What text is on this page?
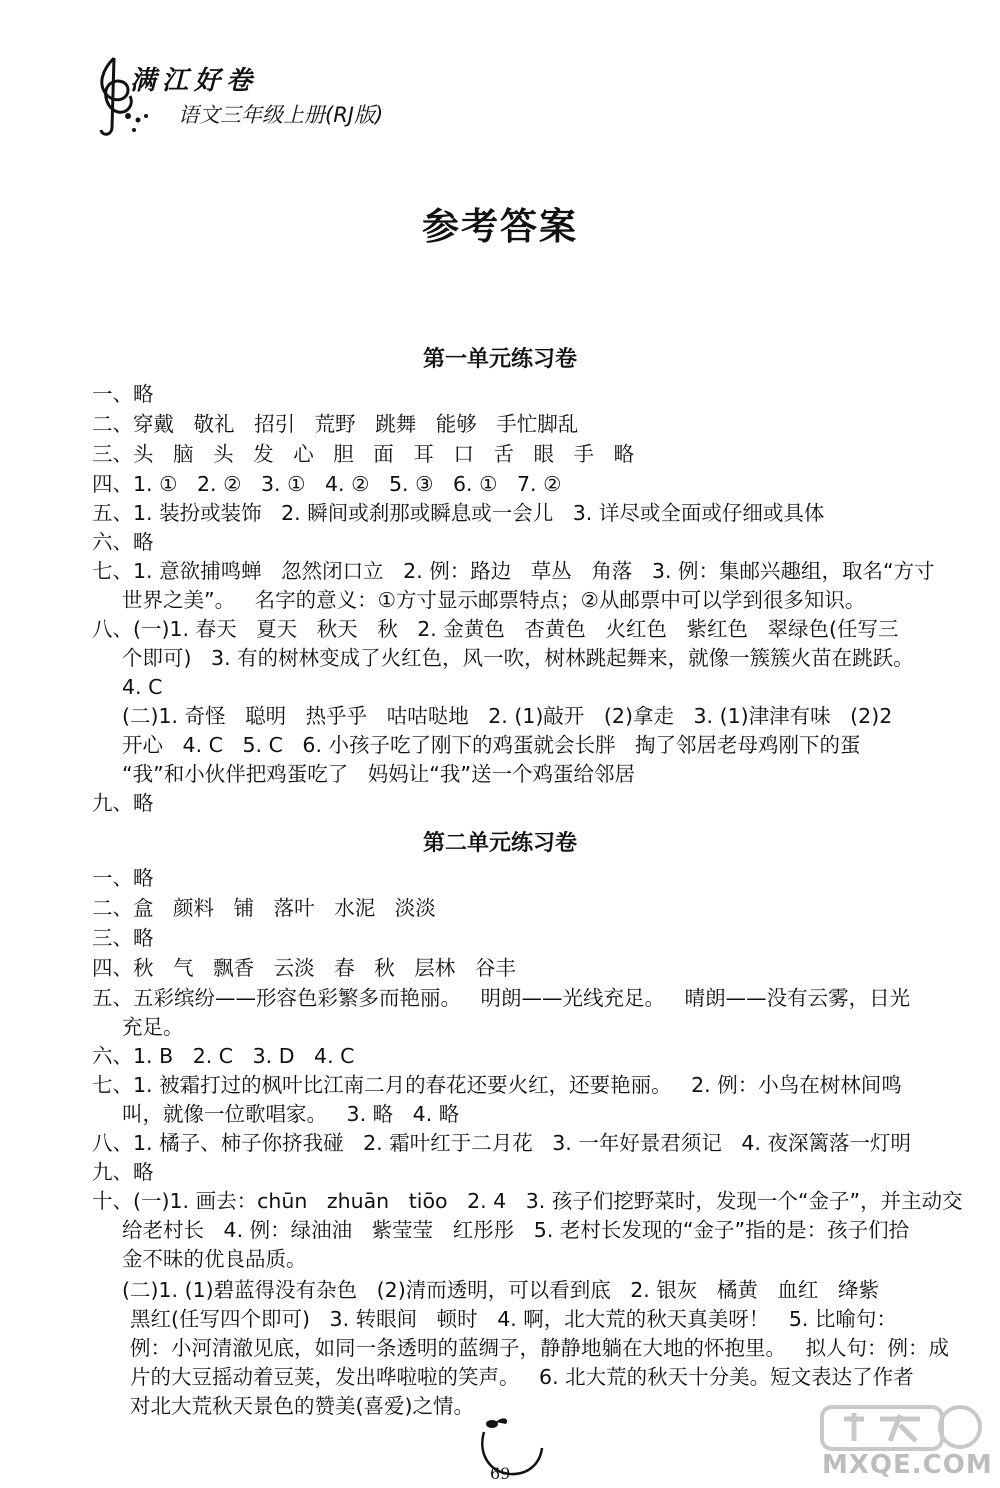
满江好卷
语文三年级上册(RJ版)
参考答案
第一单元练习卷
一、略
二、穿戴   敬礼   招引   荒野   跳舞   能够   手忙脚乱
三、头   脑   头   发   心   胆   面   耳   口   舌   眼   手   略
四、1. ①   2. ②   3. ①   4. ②   5. ③   6. ①   7. ②
五、1. 装扮或装饰   2. 瞬间或刹那或瞬息或一会儿   3. 详尽或全面或仔细或具体
六、略
七、1. 意欲捕鸣蝉   忽然闭口立   2. 例：路边   草丛   角落   3. 例：集邮兴趣组，取名“方寸
世界之美”。   名字的意义：①方寸显示邮票特点；②从邮票中可以学到很多知识。
八、(一)1. 春天   夏天   秋天   秋   2. 金黄色   杏黄色   火红色   紫红色   翠绿色(任写三
个即可)   3. 有的树林变成了火红色，风一吹，树林跳起舞来，就像一簇簇火苗在跳跃。
4. C
(二)1. 奇怪   聪明   热乎乎   咕咕哒地   2. (1)敲开   (2)拿走   3. (1)津津有味   (2)2
开心   4. C   5. C   6. 小孩子吃了刚下的鸡蛋就会长胖   掏了邻居老母鸡刚下的蛋
“我”和小伙伴把鸡蛋吃了   妈妈让“我”送一个鸡蛋给邻居
九、略
第二单元练习卷
一、略
二、盒   颜料   铺   落叶   水泥   淡淡
三、略
四、秋   气   飘香   云淡   春   秋   层林   谷丰
五、五彩缤纷——形容色彩繁多而艳丽。   明朗——光线充足。   晴朗——没有云雾，日光
充足。
六、1. B   2. C   3. D   4. C
七、1. 被霜打过的枫叶比江南二月的春花还要火红，还要艳丽。   2. 例：小鸟在树林间鸣
叫，就像一位歌唱家。   3. 略   4. 略
八、1. 橘子、柿子你挤我碰   2. 霜叶红于二月花   3. 一年好景君须记   4. 夜深篱落一灯明
九、略
十、(一)1. 画去：chūn   zhuān   tiōo   2. 4   3. 孩子们挖野菜时，发现一个“金子”，并主动交
给老村长   4. 例：绿油油   紫莹莹   红彤彤   5. 老村长发现的“金子”指的是：孩子们拾
金不昧的优良品质。
(二)1. (1)碧蓝得没有杂色   (2)清而透明，可以看到底   2. 银灰   橘黄   血红   绛紫
黑红(任写四个即可)   3. 转眼间   顿时   4. 啊，北大荒的秋天真美呀！   5. 比喻句：
例：小河清澈见底，如同一条透明的蓝绸子，静静地躺在大地的怀抱里。   拟人句：例：成
片的大豆摇动着豆荚，发出哗啦啦的笑声。   6. 北大荒的秋天十分美。短文表达了作者
对北大荒秋天景色的赞美(喜爱)之情。
69	MXQE.COM
